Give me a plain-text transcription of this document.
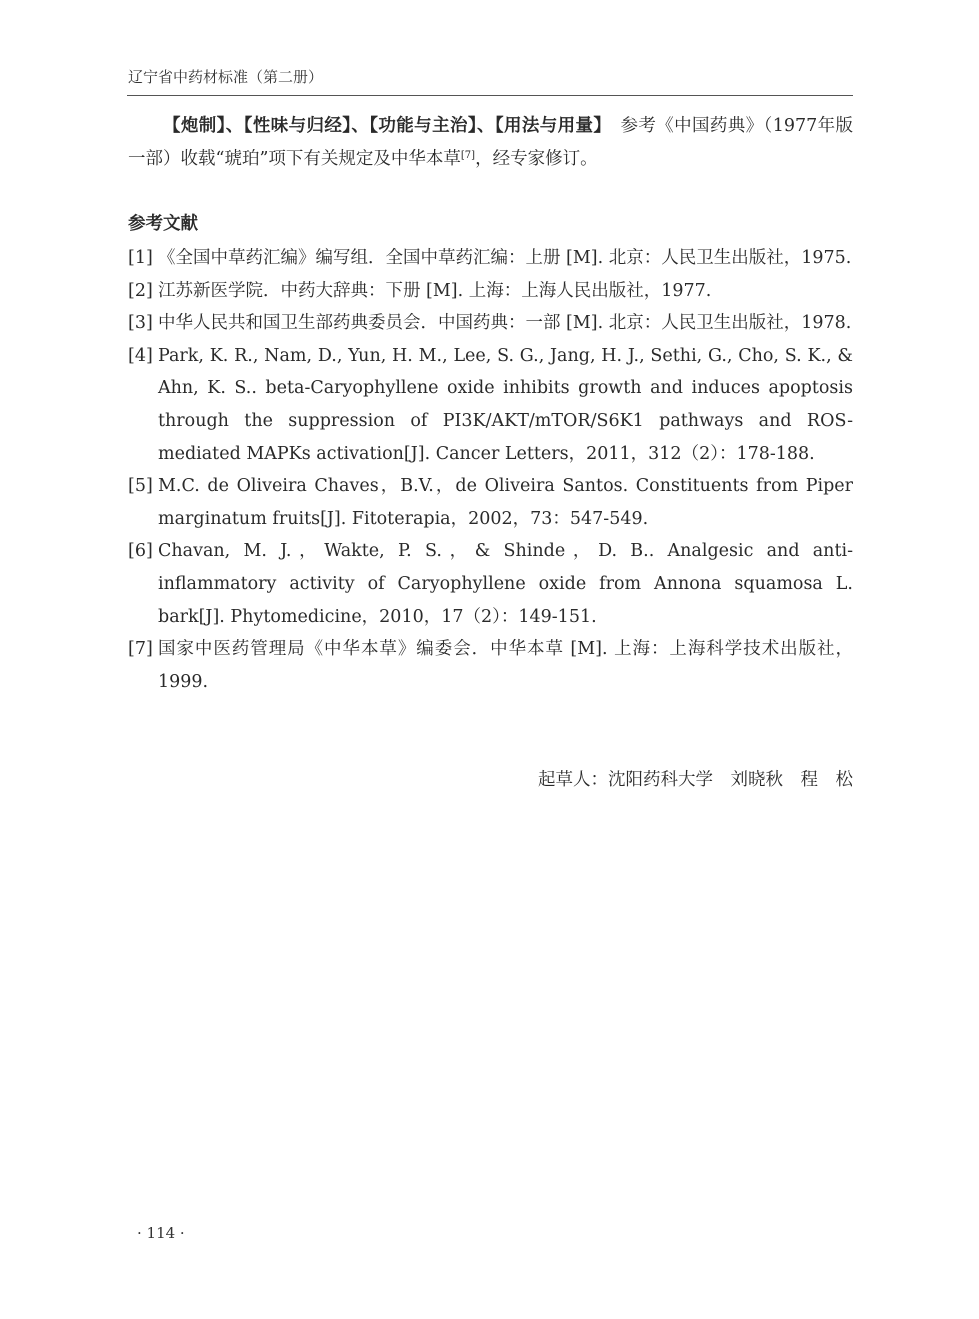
辽宁省中药材标准（第二册）

【炮制】、【性味与归经】、【功能与主治】、【用法与用量】　 参考《中国药典》（1977年版一部）收载“琥珀”项下有关规定及中华本草[7]，经专家修订。

参考文献
[1] 《全国中草药汇编》编写组．全国中草药汇编：上册 [M]. 北京：人民卫生出版社，1975.
[2] 江苏新医学院．中药大辞典：下册 [M]. 上海：上海人民出版社，1977.
[3] 中华人民共和国卫生部药典委员会．中国药典：一部 [M]. 北京：人民卫生出版社，1978.
[4] Park, K. R., Nam, D., Yun, H. M., Lee, S. G., Jang, H. J., Sethi, G., Cho, S. K., & Ahn, K. S.. beta-Caryophyllene oxide inhibits growth and induces apoptosis through the suppression of PI3K/AKT/mTOR/S6K1 pathways and ROS-mediated MAPKs activation[J]. Cancer Letters，2011，312（2）：178-188.
[5] M.C. de Oliveira Chaves，B.V.，de Oliveira Santos. Constituents from Piper marginatum fruits[J]. Fitoterapia，2002，73：547-549.
[6] Chavan, M. J.，Wakte, P. S.，& Shinde，D. B.. Analgesic and anti-inflammatory activity of Caryophyllene oxide from Annona squamosa L. bark[J]. Phytomedicine，2010，17（2）：149-151.
[7] 国家中医药管理局《中华本草》编委会．中华本草 [M]. 上海：上海科学技术出版社，1999.
起草人：沈阳药科大学　刘晓秋　程　松
· 114 ·
